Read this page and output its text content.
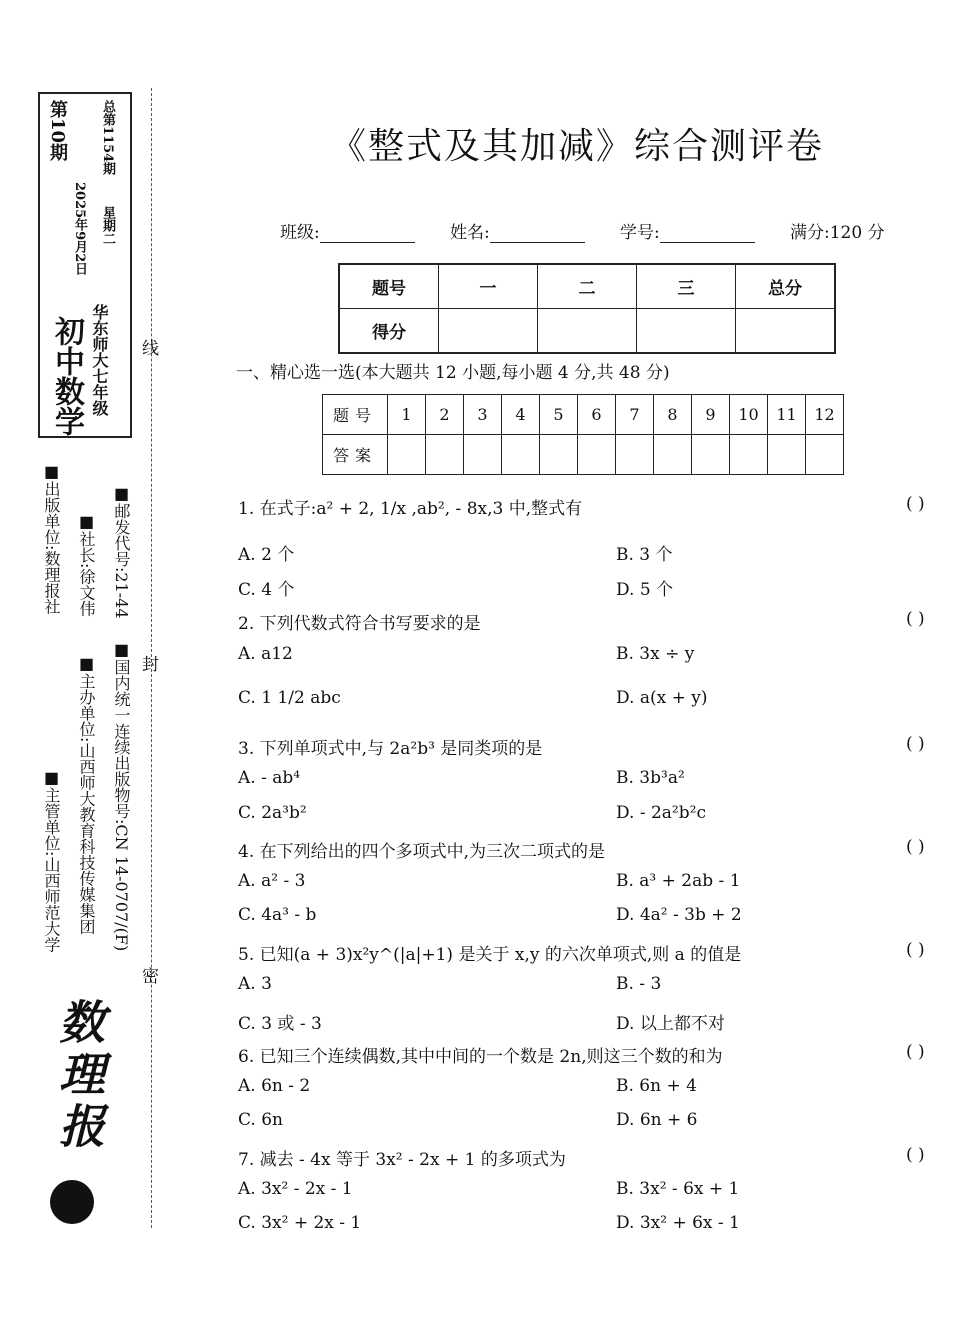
初中数学 华东师大七年级
第10期 总第1154期
星期二
2025年9月2日
■主管单位:山西师范大学
■出版单位:数理报社
■主办单位:山西师大教育科技传媒集团
■社长:徐文伟
■国内统一连续出版物号:CN 14-0707/(F)
■邮发代号:21-44
数理报
线
封
密
《整式及其加减》综合测评卷
班级:	姓名:	学号:	满分:120 分
题号	一	二	三	总分
得分				
一、精心选一选(本大题共 12 小题,每小题 4 分,共 48 分)
题号	1	2	3	4	5	6	7	8	9	10	11	12
答案												
1. 在式子:a² + 2, 1/x ,ab², - 8x,3 中,整式有	( )
A. 2 个	B. 3 个
C. 4 个	D. 5 个
2. 下列代数式符合书写要求的是	( )
A. a12	B. 3x ÷ y
C. 1 1/2 abc	D. a(x + y)
3. 下列单项式中,与 2a²b³ 是同类项的是	( )
A. - ab⁴	B. 3b³a²
C. 2a³b²	D. - 2a²b²c
4. 在下列给出的四个多项式中,为三次二项式的是	( )
A. a² - 3	B. a³ + 2ab - 1
C. 4a³ - b	D. 4a² - 3b + 2
5. 已知(a + 3)x²y^(|a|+1) 是关于 x,y 的六次单项式,则 a 的值是	( )
A. 3	B. - 3
C. 3 或 - 3	D. 以上都不对
6. 已知三个连续偶数,其中中间的一个数是 2n,则这三个数的和为	( )
A. 6n - 2	B. 6n + 4
C. 6n	D. 6n + 6
7. 减去 - 4x 等于 3x² - 2x + 1 的多项式为	( )
A. 3x² - 2x - 1	B. 3x² - 6x + 1
C. 3x² + 2x - 1	D. 3x² + 6x - 1
